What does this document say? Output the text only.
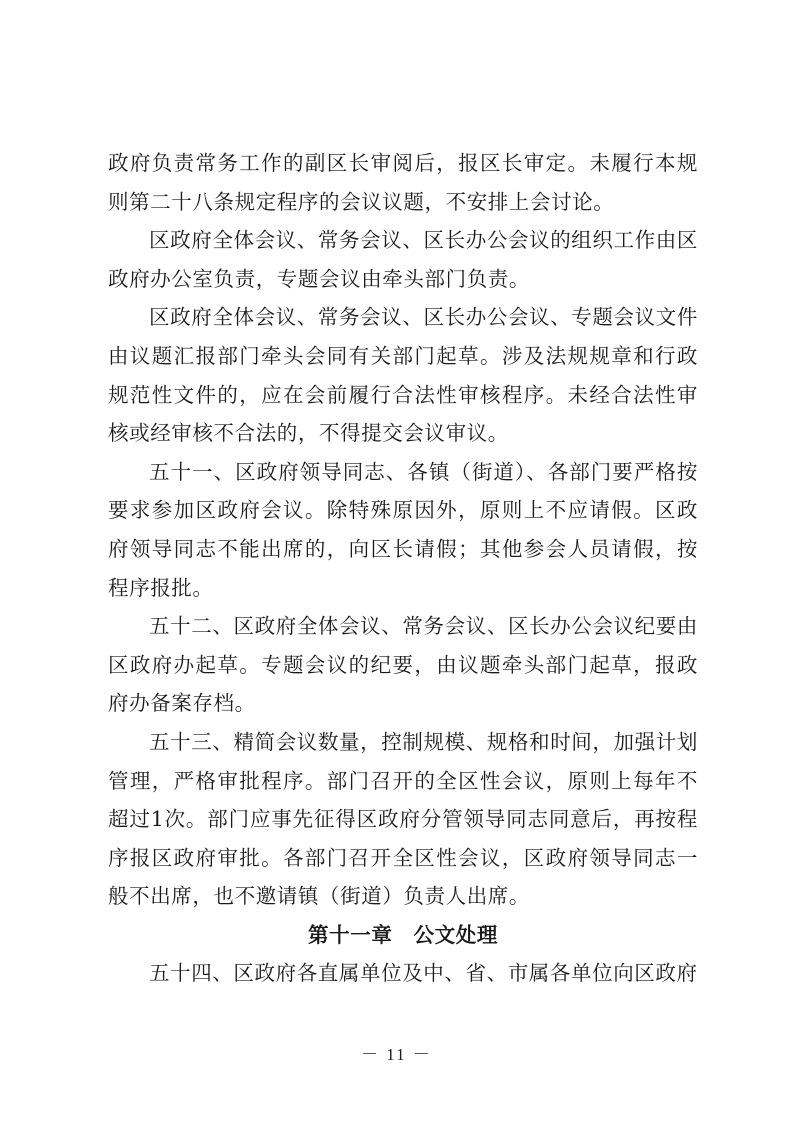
政府负责常务工作的副区长审阅后，报区长审定。未履行本规则第二十八条规定程序的会议议题，不安排上会讨论。

区政府全体会议、常务会议、区长办公会议的组织工作由区政府办公室负责，专题会议由牵头部门负责。

区政府全体会议、常务会议、区长办公会议、专题会议文件由议题汇报部门牵头会同有关部门起草。涉及法规规章和行政规范性文件的，应在会前履行合法性审核程序。未经合法性审核或经审核不合法的，不得提交会议审议。

五十一、区政府领导同志、各镇（街道）、各部门要严格按要求参加区政府会议。除特殊原因外，原则上不应请假。区政府领导同志不能出席的，向区长请假；其他参会人员请假，按程序报批。

五十二、区政府全体会议、常务会议、区长办公会议纪要由区政府办起草。专题会议的纪要，由议题牵头部门起草，报政府办备案存档。

五十三、精简会议数量，控制规模、规格和时间，加强计划管理，严格审批程序。部门召开的全区性会议，原则上每年不超过1次。部门应事先征得区政府分管领导同志同意后，再按程序报区政府审批。各部门召开全区性会议，区政府领导同志一般不出席，也不邀请镇（街道）负责人出席。

第十一章　公文处理

五十四、区政府各直属单位及中、省、市属各单位向区政府

－ 11 －
